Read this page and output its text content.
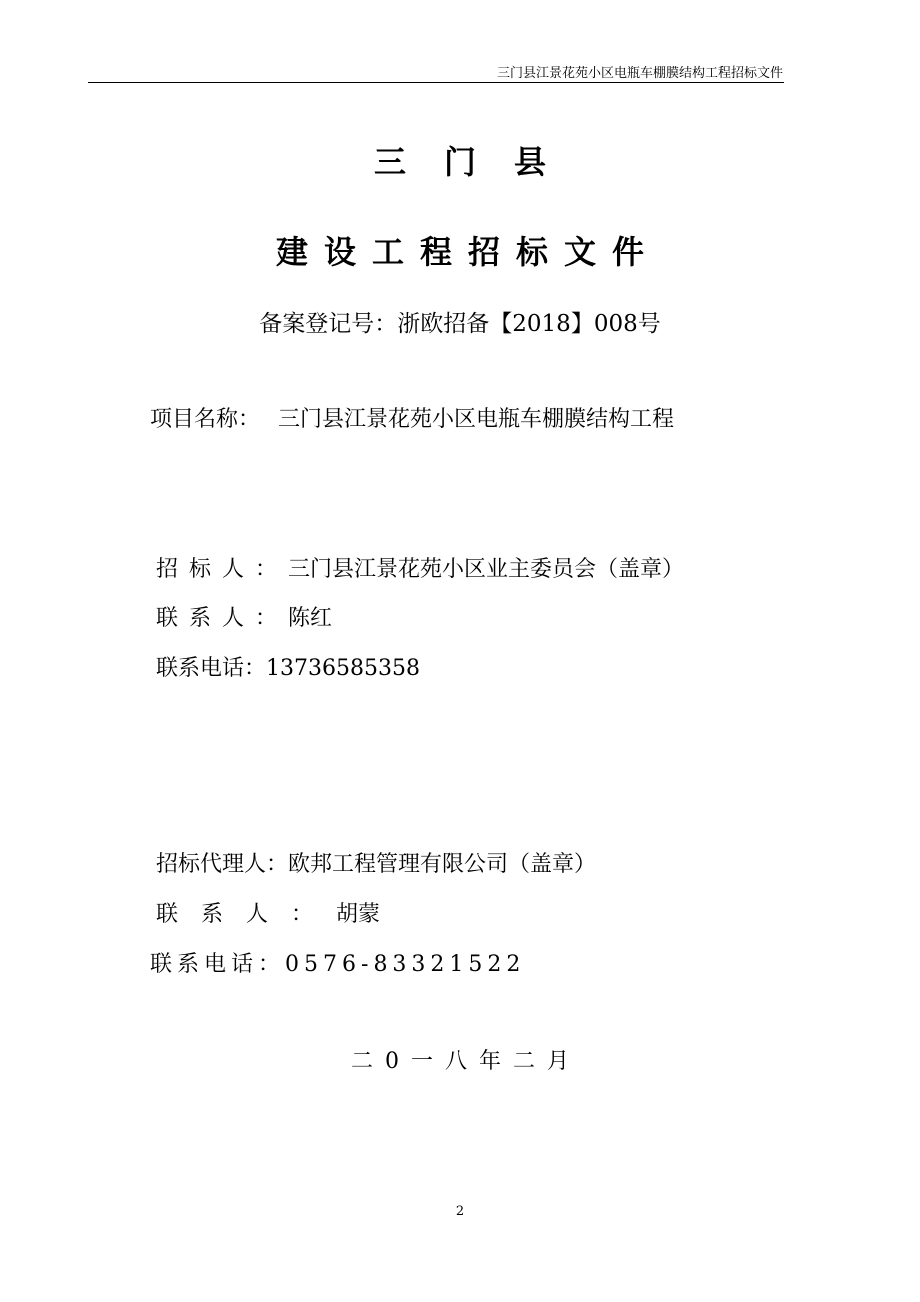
三门县江景花苑小区电瓶车棚膜结构工程招标文件
三门县
建设工程招标文件
备案登记号：浙欧招备【2018】008号
项目名称： 三门县江景花苑小区电瓶车棚膜结构工程
招标人：三门县江景花苑小区业主委员会（盖章）
联系人：陈红
联系电话：13736585358
招标代理人：欧邦工程管理有限公司（盖章）
联系人：胡蒙
联系电话：0576-83321522
二0一八年二月
2
